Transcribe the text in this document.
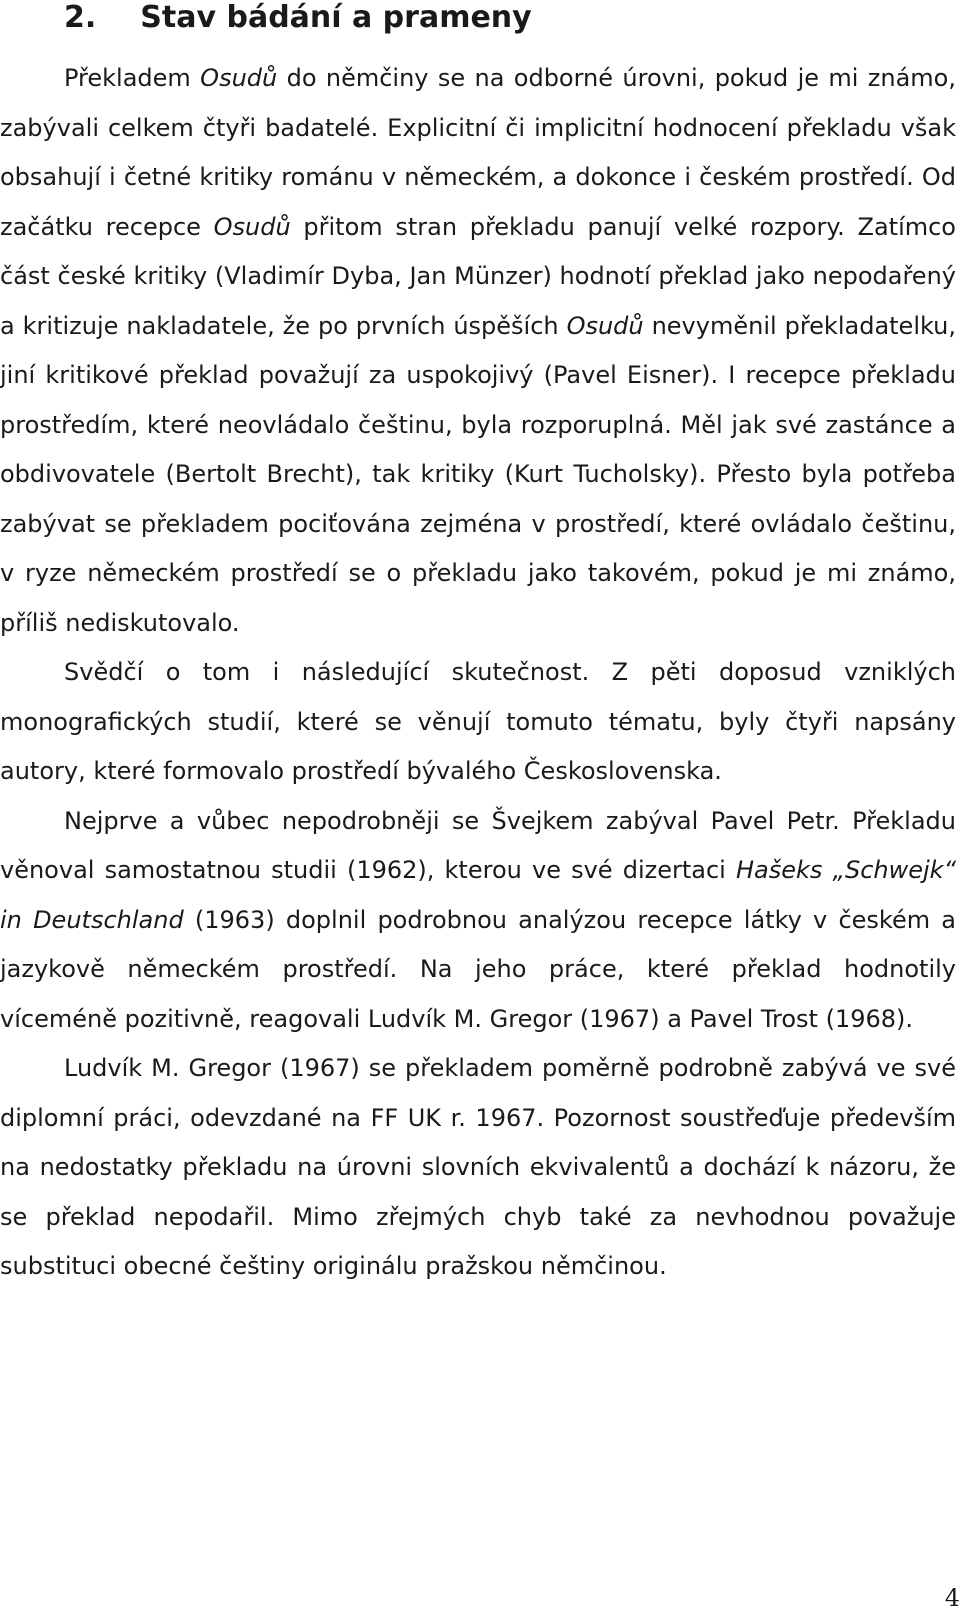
2. Stav bádání a prameny

Překladem Osudů do němčiny se na odborné úrovni, pokud je mi známo, zabývali celkem čtyři badatelé. Explicitní či implicitní hodnocení překladu však obsahují i četné kritiky románu v německém, a dokonce i českém prostředí. Od začátku recepce Osudů přitom stran překladu panují velké rozpory. Zatímco část české kritiky (Vladimír Dyba, Jan Münzer) hodnotí překlad jako nepodařený a kritizuje nakladatele, že po prvních úspěších Osudů nevyměnil překladatelku, jiní kritikové překlad považují za uspokojivý (Pavel Eisner). I recepce překladu prostředím, které neovládalo češtinu, byla rozporuplná. Měl jak své zastánce a obdivovatele (Bertolt Brecht), tak kritiky (Kurt Tucholsky). Přesto byla potřeba zabývat se překladem pociťována zejména v prostředí, které ovládalo češtinu, v ryze německém prostředí se o překladu jako takovém, pokud je mi známo, příliš nediskutovalo.

Svědčí o tom i následující skutečnost. Z pěti doposud vzniklých monografických studií, které se věnují tomuto tématu, byly čtyři napsány autory, které formovalo prostředí bývalého Československa.

Nejprve a vůbec nepodrobněji se Švejkem zabýval Pavel Petr. Překladu věnoval samostatnou studii (1962), kterou ve své dizertaci Hašeks „Schwejk“ in Deutschland (1963) doplnil podrobnou analýzou recepce látky v českém a jazykově německém prostředí. Na jeho práce, které překlad hodnotily víceméně pozitivně, reagovali Ludvík M. Gregor (1967) a Pavel Trost (1968).

Ludvík M. Gregor (1967) se překladem poměrně podrobně zabývá ve své diplomní práci, odevzdané na FF UK r. 1967. Pozornost soustřeďuje především na nedostatky překladu na úrovni slovních ekvivalentů a dochází k názoru, že se překlad nepodařil. Mimo zřejmých chyb také za nevhodnou považuje substituci obecné češtiny originálu pražskou němčinou.

4
